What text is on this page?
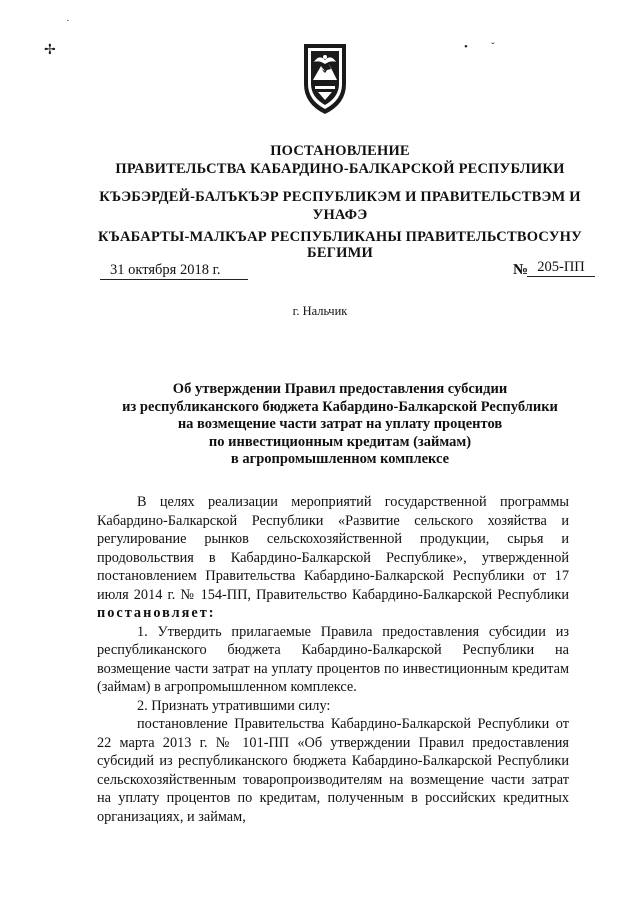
˙
✢	• ˇ
ПОСТАНОВЛЕНИЕ
ПРАВИТЕЛЬСТВА КАБАРДИНО-БАЛКАРСКОЙ РЕСПУБЛИКИ
КЪЭБЭРДЕЙ-БАЛЪКЪЭР РЕСПУБЛИКЭМ И ПРАВИТЕЛЬСТВЭМ И УНАФЭ
КЪАБАРТЫ-МАЛКЪАР РЕСПУБЛИКАНЫ ПРАВИТЕЛЬСТВОСУНУ
БЕГИМИ
31 октября 2018 г.	№ 205-ПП
г. Нальчик
Об утверждении Правил предоставления субсидии
из республиканского бюджета Кабардино-Балкарской Республики
на возмещение части затрат на уплату процентов
по инвестиционным кредитам (займам)
в агропромышленном комплексе

В целях реализации мероприятий государственной программы Кабардино-Балкарской Республики «Развитие сельского хозяйства и регулирование рынков сельскохозяйственной продукции, сырья и продовольствия в Кабардино-Балкарской Республике», утвержденной постановлением Правительства Кабардино-Балкарской Республики от 17 июля 2014 г. № 154-ПП, Правительство Кабардино-Балкарской Республики постановляет:

1. Утвердить прилагаемые Правила предоставления субсидии из республиканского бюджета Кабардино-Балкарской Республики на возмещение части затрат на уплату процентов по инвестиционным кредитам (займам) в агропромышленном комплексе.

2. Признать утратившими силу:

постановление Правительства Кабардино-Балкарской Республики от 22 марта 2013 г. № 101-ПП «Об утверждении Правил предоставления субсидий из республиканского бюджета Кабардино-Балкарской Республики сельскохозяйственным товаропроизводителям на возмещение части затрат на уплату процентов по кредитам, полученным в российских кредитных организациях, и займам,
